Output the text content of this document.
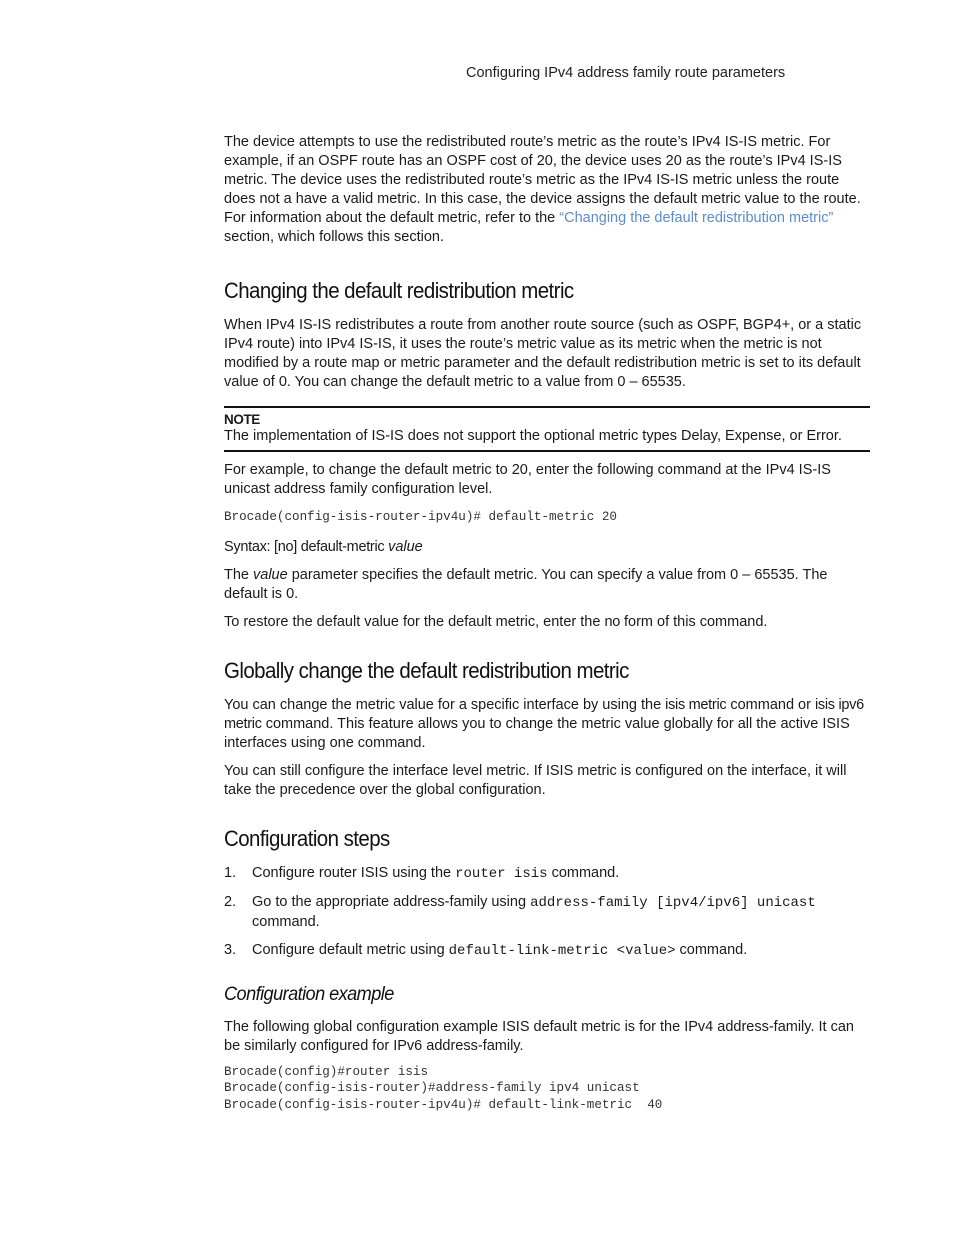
Configuring IPv4 address family route parameters

The device attempts to use the redistributed route’s metric as the route’s IPv4 IS-IS metric. For example, if an OSPF route has an OSPF cost of 20, the device uses 20 as the route’s IPv4 IS-IS metric. The device uses the redistributed route’s metric as the IPv4 IS-IS metric unless the route does not a have a valid metric. In this case, the device assigns the default metric value to the route. For information about the default metric, refer to the “Changing the default redistribution metric” section, which follows this section.

Changing the default redistribution metric

When IPv4 IS-IS redistributes a route from another route source (such as OSPF, BGP4+, or a static IPv4 route) into IPv4 IS-IS, it uses the route’s metric value as its metric when the metric is not modified by a route map or metric parameter and the default redistribution metric is set to its default value of 0. You can change the default metric to a value from 0 – 65535.

NOTE

The implementation of IS-IS does not support the optional metric types Delay, Expense, or Error.

For example, to change the default metric to 20, enter the following command at the IPv4 IS-IS unicast address family configuration level.

Brocade(config-isis-router-ipv4u)# default-metric 20

Syntax: [no] default-metric value

The value parameter specifies the default metric. You can specify a value from 0 – 65535. The default is 0.

To restore the default value for the default metric, enter the no form of this command.

Globally change the default redistribution metric

You can change the metric value for a specific interface by using the isis metric command or isis ipv6 metric command. This feature allows you to change the metric value globally for all the active ISIS interfaces using one command.

You can still configure the interface level metric. If ISIS metric is configured on the interface, it will take the precedence over the global configuration.

Configuration steps
1. Configure router ISIS using the router isis command.
2. Go to the appropriate address-family using address-family [ipv4/ipv6] unicast command.
3. Configure default metric using default-link-metric <value> command.
Configuration example

The following global configuration example ISIS default metric is for the IPv4 address-family. It can be similarly configured for IPv6 address-family.

Brocade(config)#router isis
Brocade(config-isis-router)#address-family ipv4 unicast
Brocade(config-isis-router-ipv4u)# default-link-metric  40
